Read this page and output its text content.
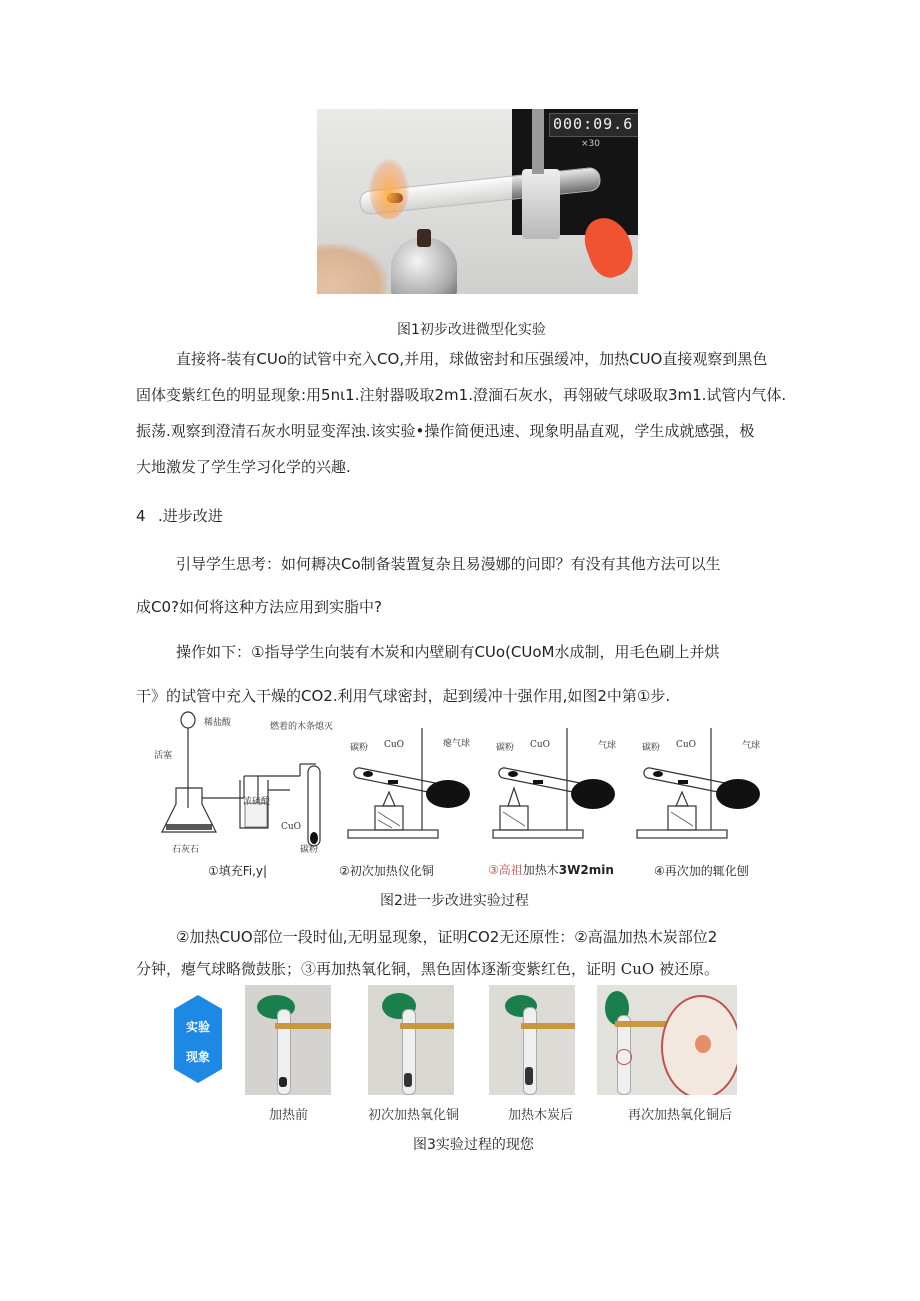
000:09.6
×30
图1初步改进微型化实验
直接将-装有CUo的试管中充入CO,并用，球做密封和压强缓冲，加热CUO直接观察到黑色
固体变紫红色的明显现象:用5nι1.注射器吸取2m1.澄湎石灰水，再翎破气球吸取3m1.试管内气体.
振荡.观察到澄清石灰水明显变浑浊.该实验•操作简便迅速、现象明晶直观，学生成就感强，极
大地激发了学生学习化学的兴趣.
4 .进步改进
引导学生思考：如何耨决Co制备装置复杂且易漫娜的问即？有没有其他方法可以生
成C0?如何将这种方法应用到实脂中?
操作如下：①指导学生向装有木炭和内壁刷有CUo(CUoM水成制，用毛色刷上并烘
干》的试管中充入干燥的CO2.利用气球密封，起到缓冲十强作用,如图2中第①步.
稀盐酸
活塞
石灰石
浓硫酸
燃着的木条熄灭
CuO
碳粉
碳粉 CuO	瘪气球	碳粉 CuO	气球	碳粉 CuO	气球
①填充Fi,y|	②初次加热仪化铜	③高祖加热木3W2min	④再次加的辄化刨
图2进一步改进实验过程
②加热CUO部位一段时仙,无明显现象，证明CO2无还原性：②高温加热木炭部位2
分钟，瘪气球略微鼓胀；③再加热氧化铜，黑色固体逐渐变紫红色，证明 CuO 被还原。
实验
现象
加热前	初次加热氧化铜	加热木炭后	再次加热氧化铜后
图3实验过程的现您
